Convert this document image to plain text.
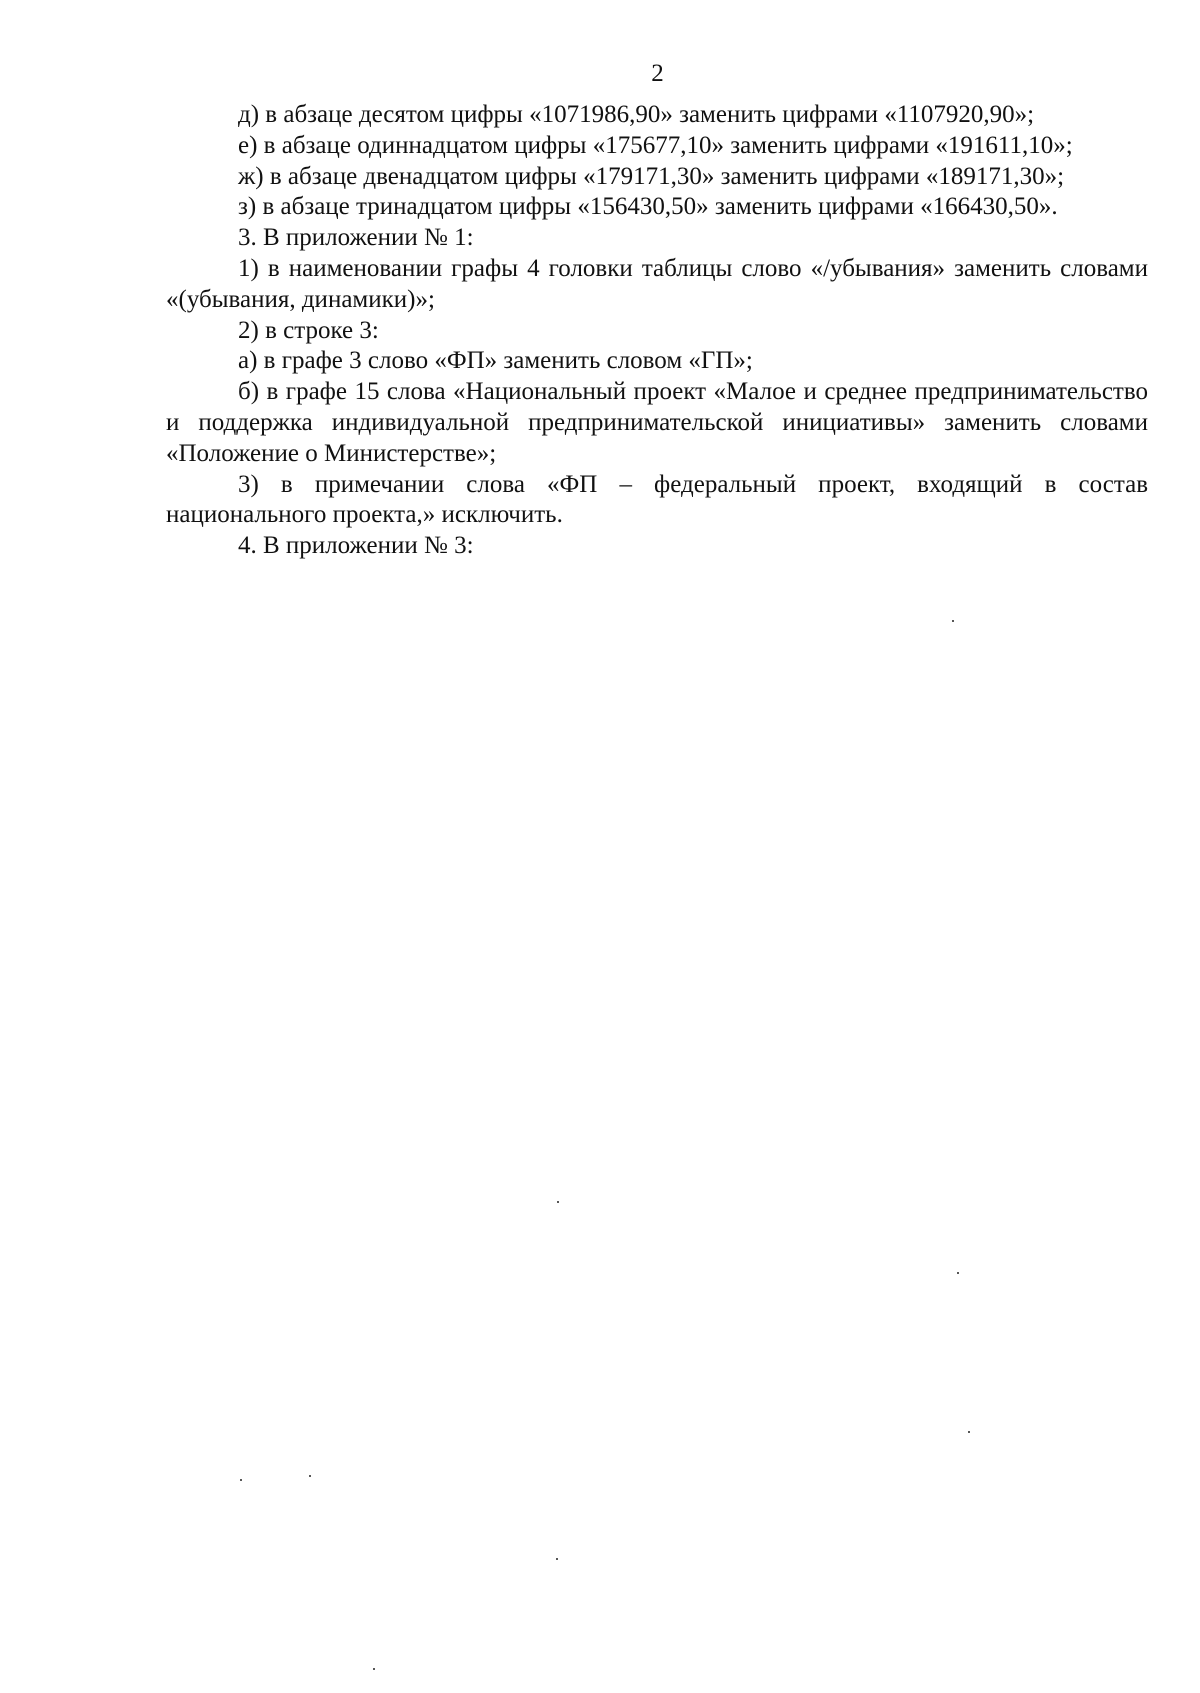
2

д) в абзаце десятом цифры «1071986,90» заменить цифрами «1107920,90»;

е) в абзаце одиннадцатом цифры «175677,10» заменить цифрами «191611,10»;

ж) в абзаце двенадцатом цифры «179171,30» заменить цифрами «189171,30»;

з) в абзаце тринадцатом цифры «156430,50» заменить цифрами «166430,50».

3. В приложении № 1:

1) в наименовании графы 4 головки таблицы слово «/убывания» заменить словами «(убывания, динамики)»;

2) в строке 3:

а) в графе 3 слово «ФП» заменить словом «ГП»;

б) в графе 15 слова «Национальный проект «Малое и среднее предпринимательство и поддержка индивидуальной предпринимательской инициативы» заменить словами «Положение о Министерстве»;

3) в примечании слова «ФП – федеральный проект, входящий в состав национального проекта,» исключить.

4. В приложении № 3:
